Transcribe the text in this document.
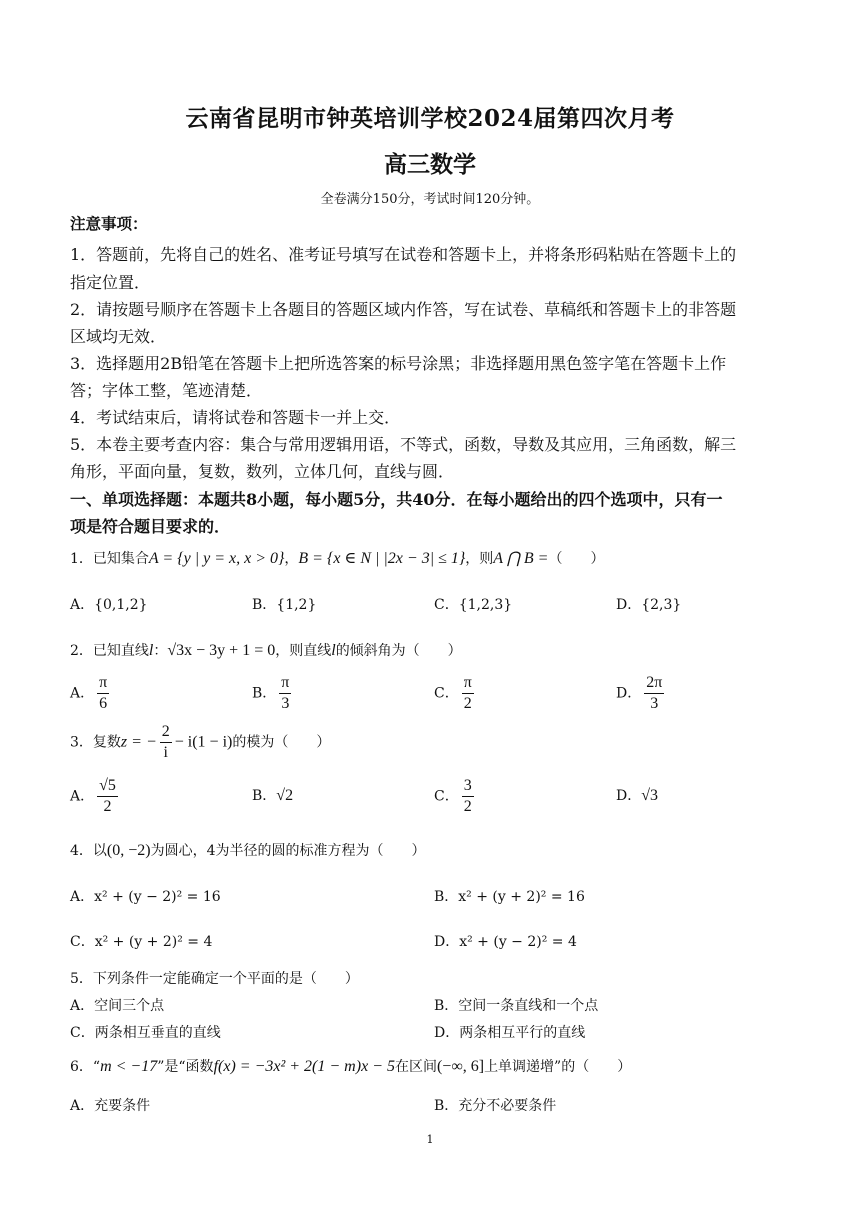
云南省昆明市钟英培训学校2024届第四次月考
高三数学
全卷满分150分，考试时间120分钟。
注意事项：
1．答题前，先将自己的姓名、准考证号填写在试卷和答题卡上，并将条形码粘贴在答题卡上的
指定位置．
2．请按题号顺序在答题卡上各题目的答题区域内作答，写在试卷、草稿纸和答题卡上的非答题
区域均无效．
3．选择题用2B铅笔在答题卡上把所选答案的标号涂黑；非选择题用黑色签字笔在答题卡上作
答；字体工整，笔迹清楚．
4．考试结束后，请将试卷和答题卡一并上交．
5．本卷主要考查内容：集合与常用逻辑用语，不等式，函数，导数及其应用，三角函数，解三
角形，平面向量，复数，数列，立体几何，直线与圆．
一、单项选择题：本题共8小题，每小题5分，共40分．在每小题给出的四个选项中，只有一
项是符合题目要求的．
1．已知集合A = {y | y = x, x > 0}，B = {x ∈ N | |2x − 3| ≤ 1}，则A ⋂ B =（　　）
A．{0,1,2}	B．{1,2}	C．{1,2,3}	D．{2,3}
2．已知直线l：√3x − 3y + 1 = 0，则直线l的倾斜角为（　　）
A． $\frac{\pi}{6}$	B． $\frac{\pi}{3}$	C． $\frac{\pi}{2}$	D． $\frac{2\pi}{3}$
3．复数z = − $\frac{2}{i} - i(1 - i)$的模为（　　）
A． $\frac{√5}{2}$	B．√2	C． $\frac{3}{2}$	D．√3
4．以(0, −2)为圆心，4为半径的圆的标准方程为（　　）
A．x² + (y − 2)² = 16	B．x² + (y + 2)² = 16
C．x² + (y + 2)² = 4	D．x² + (y − 2)² = 4
5．下列条件一定能确定一个平面的是（　　）
A．空间三个点	B．空间一条直线和一个点
C．两条相互垂直的直线	D．两条相互平行的直线
6．“m < −17”是“函数f(x) = −3x² + 2(1 − m)x − 5在区间(−∞, 6]上单调递增”的（　　）
A．充要条件	B．充分不必要条件
1
